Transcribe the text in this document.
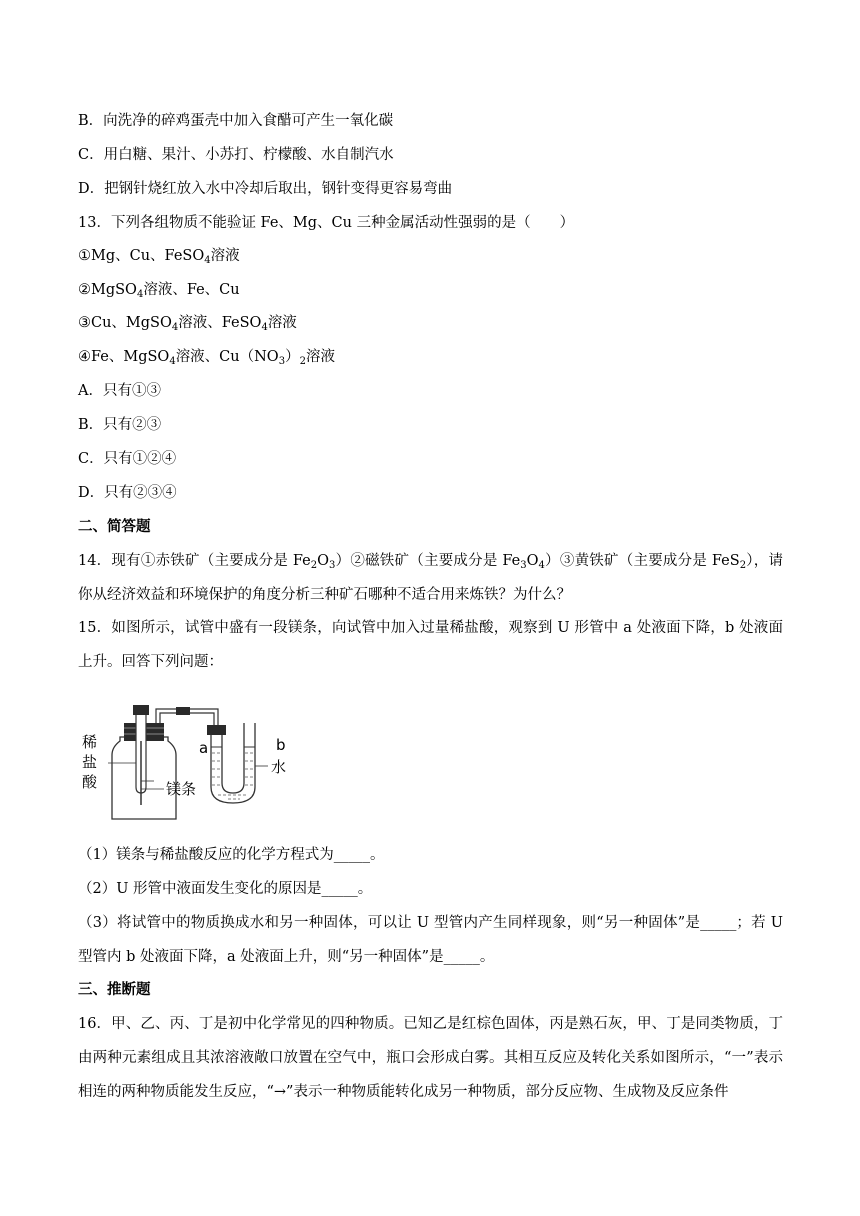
B．向洗净的碎鸡蛋壳中加入食醋可产生一氧化碳
C．用白糖、果汁、小苏打、柠檬酸、水自制汽水
D．把钢针烧红放入水中冷却后取出，钢针变得更容易弯曲
13．下列各组物质不能验证 Fe、Mg、Cu 三种金属活动性强弱的是（　　）
①Mg、Cu、FeSO$_4$溶液
②MgSO$_4$溶液、Fe、Cu
③Cu、MgSO$_4$溶液、FeSO$_4$溶液
④Fe、MgSO$_4$溶液、$Cu(NO_3)_2$溶液
A．只有①③
B．只有②③
C．只有①②④
D．只有②③④
二、简答题
14．现有①赤铁矿（主要成分是 $Fe_2O_3)②$磁铁矿（主要成分是 $Fe_3O_4)③$黄铁矿（主要成分是 FeS$_2$），请你从经济效益和环境保护的角度分析三种矿石哪种不适合用来炼铁？为什么？
15．如图所示，试管中盛有一段镁条，向试管中加入过量稀盐酸，观察到 U 形管中 a 处液面下降，b 处液面上升。回答下列问题：
稀
盐
酸	镁条
a	b
水
（1）镁条与稀盐酸反应的化学方程式为_____。
（2）U 形管中液面发生变化的原因是_____。
（3）将试管中的物质换成水和另一种固体，可以让 U 型管内产生同样现象，则“另一种固体”是_____；若 U 型管内 b 处液面下降，a 处液面上升，则“另一种固体”是_____。
三、推断题
16．甲、乙、丙、丁是初中化学常见的四种物质。已知乙是红棕色固体，丙是熟石灰，甲、丁是同类物质，丁由两种元素组成且其浓溶液敞口放置在空气中，瓶口会形成白雾。其相互反应及转化关系如图所示，“一”表示相连的两种物质能发生反应，“→”表示一种物质能转化成另一种物质，部分反应物、生成物及反应条件
